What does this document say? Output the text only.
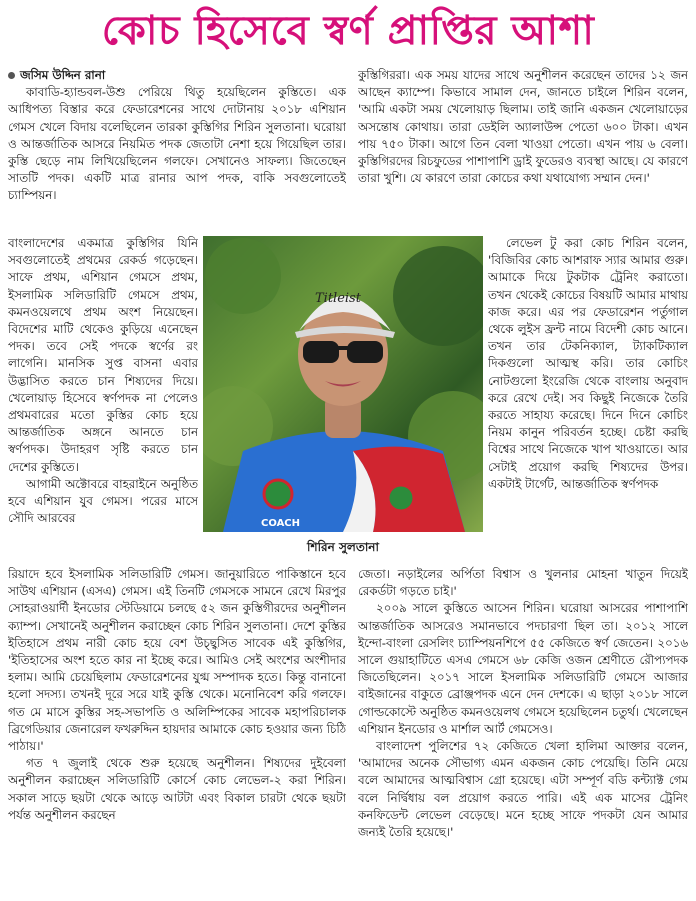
কোচ হিসেবে স্বর্ণ প্রাপ্তির আশা

জসিম উদ্দিন রানা

কাবাডি-হ্যান্ডবল-উশু পেরিয়ে থিতু হয়েছিলেন কুস্তিতে। এক আধিপত্য বিস্তার করে ফেডারেশনের সাথে দোটানায় ২০১৮ এশিয়ান গেমস খেলে বিদায় বলেছিলেন তারকা কুস্তিগির শিরিন সুলতানা। ঘরোয়া ও আন্তর্জাতিক আসরে নিয়মিত পদক জেতাটা নেশা হয়ে গিয়েছিল তার। কুস্তি ছেড়ে নাম লিখিয়েছিলেন গলফে। সেখানেও সাফল্য। জিতেছেন সাতটি পদক। একটি মাত্র রানার আপ পদক, বাকি সবগুলোতেই চ্যাম্পিয়ন।

কুস্তিগিররা। এক সময় যাদের সাথে অনুশীলন করেছেন তাদের ১২ জন আছেন ক্যাম্পে। কিভাবে সামাল দেন, জানতে চাইলে শিরিন বলেন, 'আমি একটা সময় খেলোয়াড় ছিলাম। তাই জানি একজন খেলোয়াড়ের অসন্তোষ কোথায়। তারা ডেইলি অ্যালাউন্স পেতো ৬০০ টাকা। এখন পায় ৭৫০ টাকা। আগে তিন বেলা খাওয়া পেতো। এখন পায় ৬ বেলা। কুস্তিগিরদের রিচফুডের পাশাপাশি ড্রাই ফুডেরও ব্যবস্থা আছে। যে কারণে তারা খুশি। যে কারণে তারা কোচের কথা যথাযোগ্য সম্মান দেন।'

বাংলাদেশের একমাত্র কুস্তিগির যিনি সবগুলোতেই প্রথমের রেকর্ড গড়েছেন। সাফে প্রথম, এশিয়ান গেমসে প্রথম, ইসলামিক সলিডারিটি গেমসে প্রথম, কমনওয়েলথে প্রথম অংশ নিয়েছেন। বিদেশের মাটি থেকেও কুড়িয়ে এনেছেন পদক। তবে সেই পদকে স্বর্ণের রং লাগেনি। মানসিক সুপ্ত বাসনা এবার উদ্ভাসিত করতে চান শিষ্যদের দিয়ে। খেলোয়াড় হিসেবে স্বর্ণপদক না পেলেও প্রথমবারের মতো কুস্তির কোচ হয়ে আন্তর্জাতিক অঙ্গনে আনতে চান স্বর্ণপদক। উদাহরণ সৃষ্টি করতে চান দেশের কুস্তিতে।

আগামী অক্টোবরে বাহরাইনে অনুষ্ঠিত হবে এশিয়ান যুব গেমস। পরের মাসে সৌদি আরবের	COACH
Titleist
শিরিন সুলতানা

লেভেল টু করা কোচ শিরিন বলেন, 'বিজিবির কোচ আশরাফ স্যার আমার গুরু। আমাকে দিয়ে টুকটাক ট্রেনিং করাতো। তখন থেকেই কোচের বিষয়টি আমার মাথায় কাজ করে। এর পর ফেডারেশন পর্তুগাল থেকে লুইস ফ্রন্ট নামে বিদেশী কোচ আনে। তখন তার টেকনিক্যাল, ট্যাকটিক্যাল দিকগুলো আত্মস্থ করি। তার কোচিং নোটগুলো ইংরেজি থেকে বাংলায় অনুবাদ করে রেখে দেই। সব কিছুই নিজেকে তৈরি করতে সাহায্য করেছে। দিনে দিনে কোচিং নিয়ম কানুন পরিবর্তন হচ্ছে। চেষ্টা করছি বিশ্বের সাথে নিজেকে খাপ খাওয়াতে। আর সেটাই প্রয়োগ করছি শিষ্যদের উপর। একটাই টার্গেট, আন্তর্জাতিক স্বর্ণপদক

রিয়াদে হবে ইসলামিক সলিডারিটি গেমস। জানুয়ারিতে পাকিস্তানে হবে সাউথ এশিয়ান (এসএ) গেমস। এই তিনটি গেমসকে সামনে রেখে মিরপুর সোহরাওয়ার্দী ইনডোর স্টেডিয়ামে চলছে ৫২ জন কুস্তিগীরদের অনুশীলন ক্যাম্প। সেখানেই অনুশীলন করাচ্ছেন কোচ শিরিন সুলতানা। দেশে কুস্তির ইতিহাসে প্রথম নারী কোচ হয়ে বেশ উচ্ছ্বসিত সাবেক এই কুস্তিগির, 'ইতিহাসের অংশ হতে কার না ইচ্ছে করে। আমিও সেই অংশের অংশীদার হলাম। আমি চেয়েছিলাম ফেডারেশনের যুগ্ম সম্পাদক হতে। কিন্তু বানানো হলো সদস্য। তখনই দূরে সরে যাই কুস্তি থেকে। মনোনিবেশ করি গলফে। গত মে মাসে কুস্তির সহ-সভাপতি ও অলিম্পিকের সাবেক মহাপরিচালক ব্রিগেডিয়ার জেনারেল ফখরুদ্দিন হায়দার আমাকে কোচ হওয়ার জন্য চিঠি পাঠায়।'

গত ৭ জুলাই থেকে শুরু হয়েছে অনুশীলন। শিষ্যদের দুইবেলা অনুশীলন করাচ্ছেন সলিডারিটি কোর্সে কোচ লেভেল-২ করা শিরিন। সকাল সাড়ে ছয়টা থেকে আড়ে আটটা এবং বিকাল চারটা থেকে ছয়টা পর্যন্ত অনুশীলন করছেন

জেতা। নড়াইলের অর্পিতা বিশ্বাস ও খুলনার মোহনা খাতুন দিয়েই রেকর্ডটা গড়তে চাই।'

২০০৯ সালে কুস্তিতে আসেন শিরিন। ঘরোয়া আসরের পাশাপাশি আন্তর্জাতিক আসরেও সমানভাবে পদচারণা ছিল তা। ২০১২ সালে ইন্দো-বাংলা রেসলিং চ্যাম্পিয়নশিপে ৫৫ কেজিতে স্বর্ণ জেতেন। ২০১৬ সালে গুয়াহাটিতে এসএ গেমসে ৬৮ কেজি ওজন শ্রেণীতে রৌপ্যপদক জিতেছিলেন। ২০১৭ সালে ইসলামিক সলিডারিটি গেমসে আজার বাইজানের বাকুতে ব্রোঞ্জপদক এনে দেন দেশকে। এ ছাড়া ২০১৮ সালে গোল্ডকোস্টে অনুষ্ঠিত কমনওয়েলথ গেমসে হয়েছিলেন চতুর্থ। খেলেছেন এশিয়ান ইনডোর ও মার্শাল আর্ট গেমসেও।

বাংলাদেশ পুলিশের ৭২ কেজিতে খেলা হালিমা আক্তার বলেন, 'আমাদের অনেক সৌভাগ্য এমন একজন কোচ পেয়েছি। তিনি মেয়ে বলে আমাদের আত্মবিশ্বাস গ্রো হয়েছে। এটা সম্পূর্ণ বডি কন্ট্যাক্ট গেম বলে নির্দ্বিধায় বল প্রয়োগ করতে পারি। এই এক মাসের ট্রেনিং কনফিডেন্ট লেভেল বেড়েছে। মনে হচ্ছে সাফে পদকটা যেন আমার জন্যই তৈরি হয়েছে।'
